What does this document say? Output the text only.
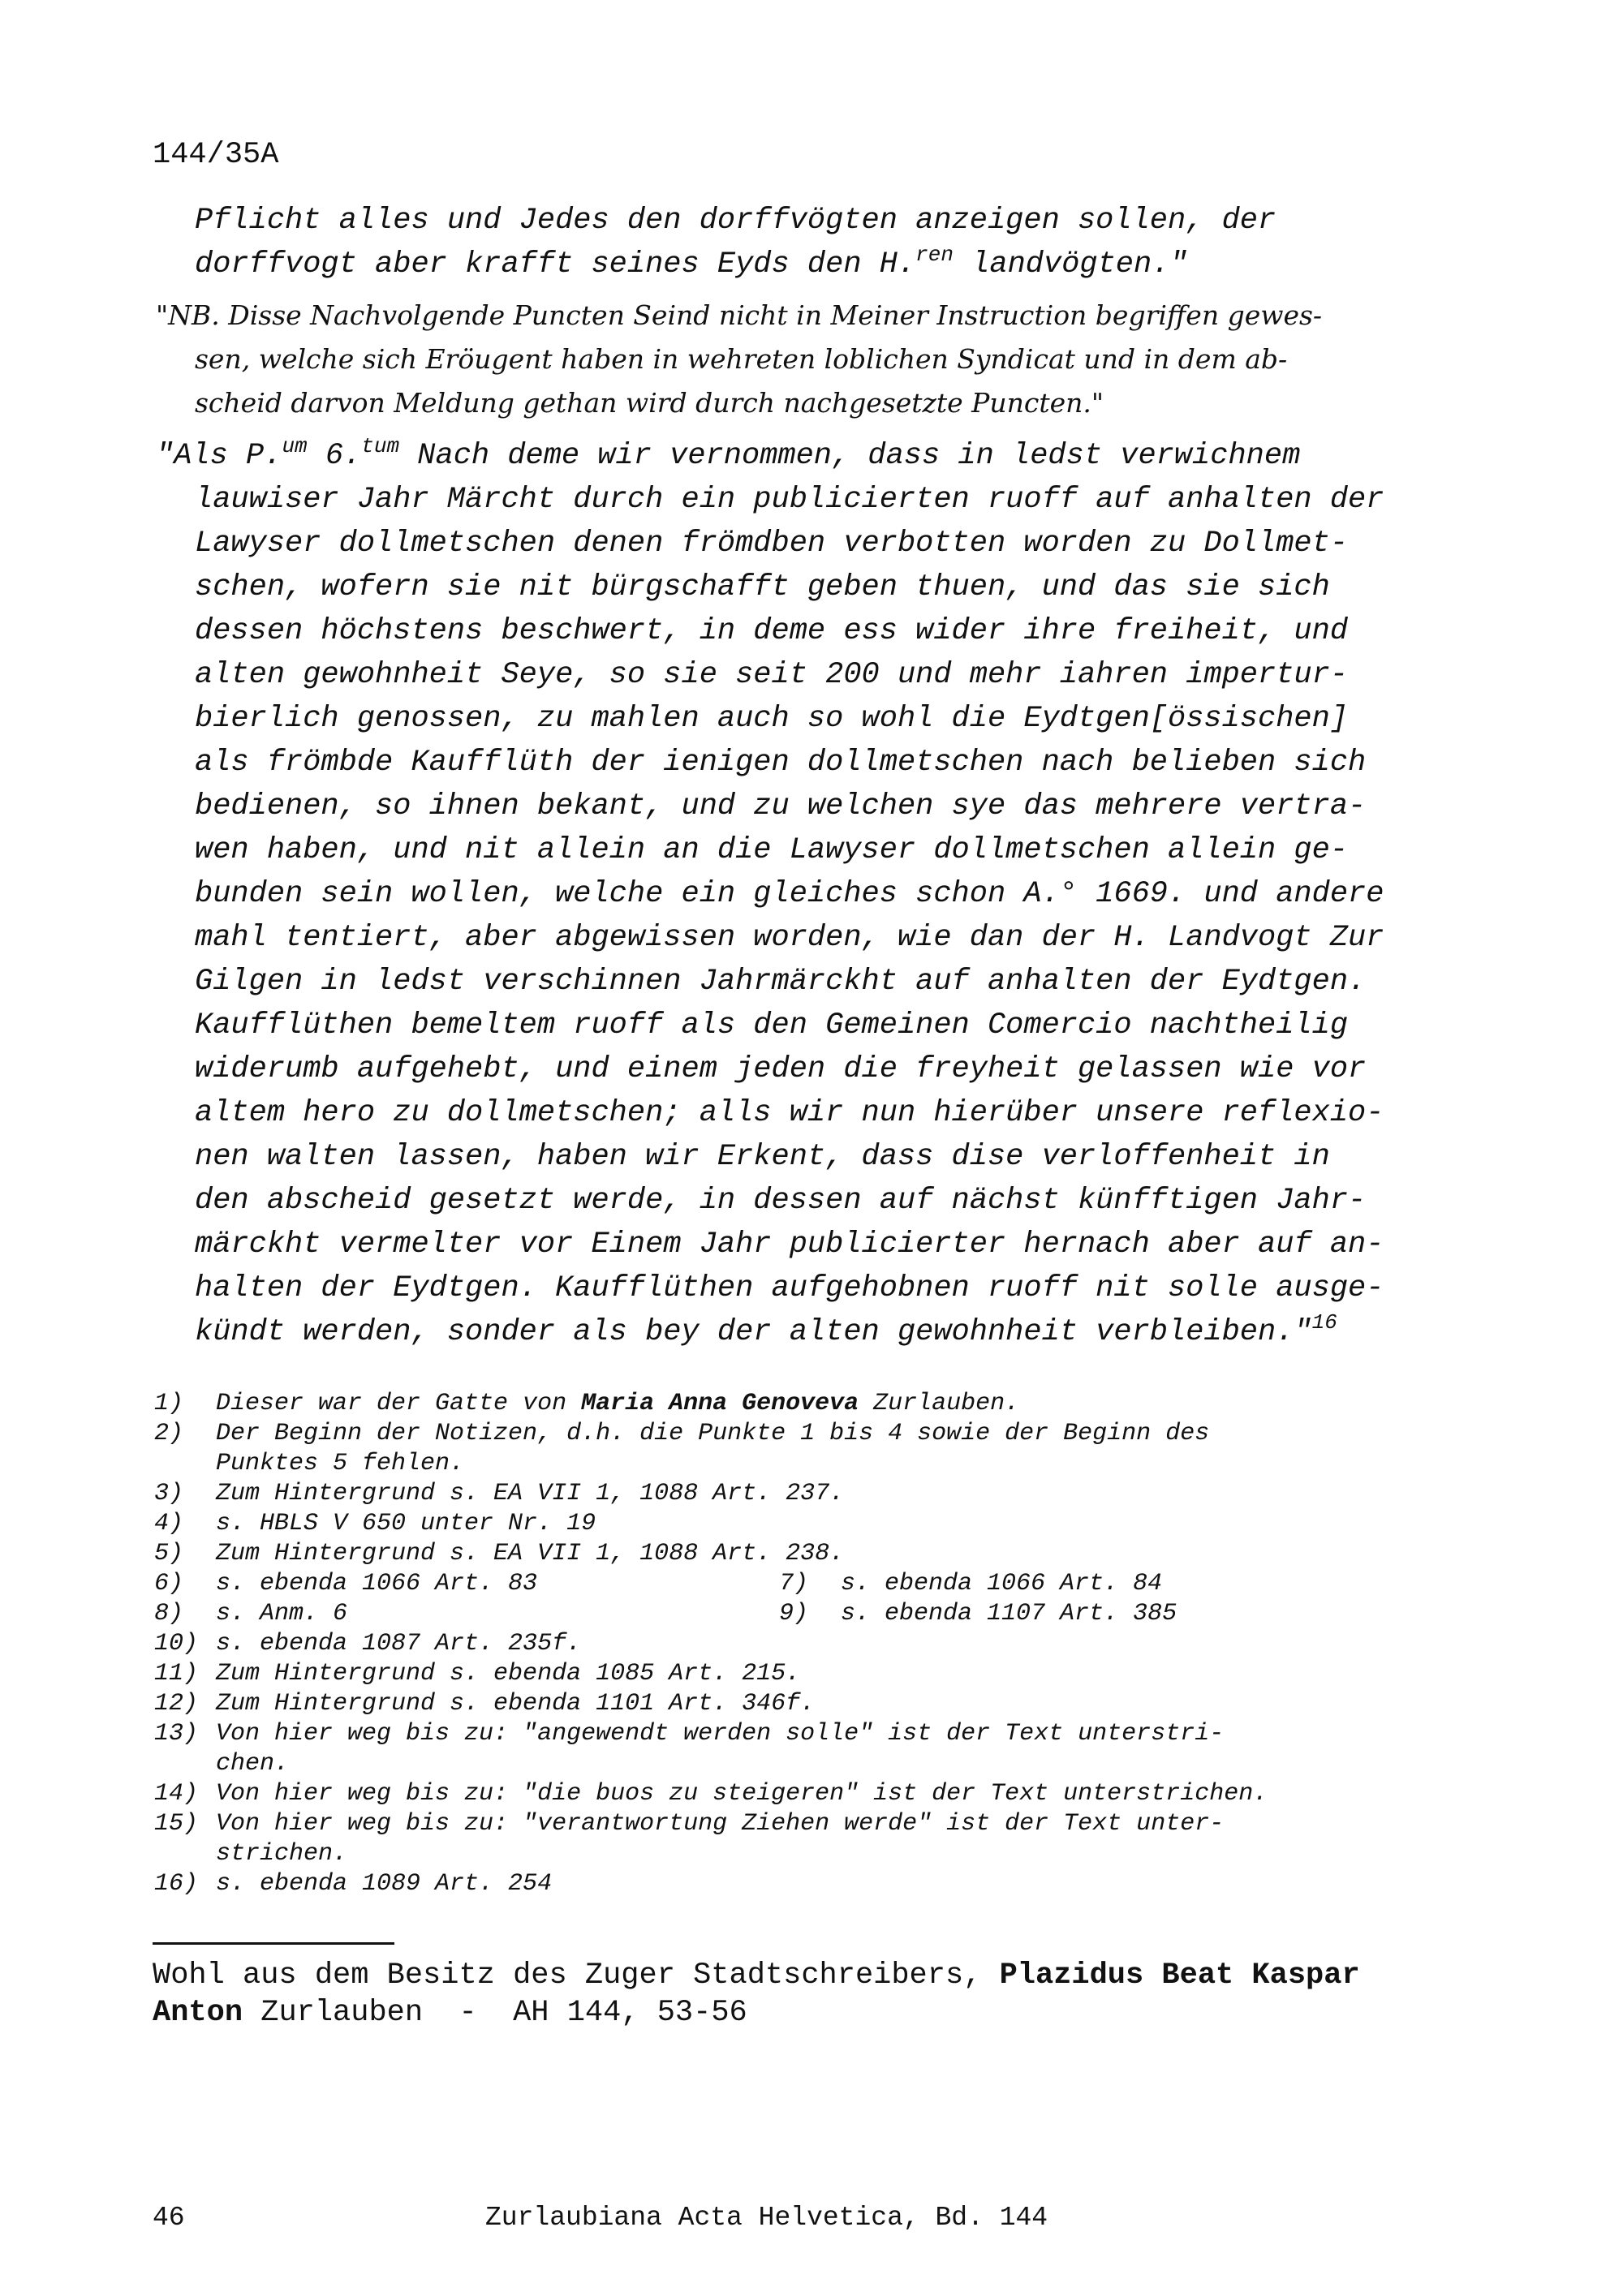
144/35A
Pflicht alles und Jedes den dorffvögten anzeigen sollen, der
dorffvogt aber krafft seines Eyds den H.$^{ren}$ landvögten."
"NB. Disse Nachvolgende Puncten Seind nicht in Meiner Instruction begriffen gewes-
sen, welche sich Eröugent haben in wehreten loblichen Syndicat und in dem ab-
scheid darvon Meldung gethan wird durch nachgesetzte Puncten."
"Als P.$^{um}$ 6.$^{tum}$ Nach deme wir vernommen, dass in ledst verwichnem
lauwiser Jahr Märcht durch ein publicierten ruoff auf anhalten der
Lawyser dollmetschen denen frömdben verbotten worden zu Dollmet-
schen, wofern sie nit bürgschafft geben thuen, und das sie sich
dessen höchstens beschwert, in deme ess wider ihre freiheit, und
alten gewohnheit Seye, so sie seit 200 und mehr iahren impertur-
bierlich genossen, zu mahlen auch so wohl die Eydtgen[össischen]
als frömbde Kaufflüth der ienigen dollmetschen nach belieben sich
bedienen, so ihnen bekant, und zu welchen sye das mehrere vertra-
wen haben, und nit allein an die Lawyser dollmetschen allein ge-
bunden sein wollen, welche ein gleiches schon A.° 1669. und andere
mahl tentiert, aber abgewissen worden, wie dan der H. Landvogt Zur
Gilgen in ledst verschinnen Jahrmärckht auf anhalten der Eydtgen.
Kaufflüthen bemeltem ruoff als den Gemeinen Comercio nachtheilig
widerumb aufgehebt, und einem jeden die freyheit gelassen wie vor
altem hero zu dollmetschen; alls wir nun hierüber unsere reflexio-
nen walten lassen, haben wir Erkent, dass dise verloffenheit in
den abscheid gesetzt werde, in dessen auf nächst künfftigen Jahr-
märckht vermelter vor Einem Jahr publicierter hernach aber auf an-
halten der Eydtgen. Kaufflüthen aufgehobnen ruoff nit solle ausge-
kündt werden, sonder als bey der alten gewohnheit verbleiben."$^{16}$
1) Dieser war der Gatte von Maria Anna Genoveva Zurlauben.
2) Der Beginn der Notizen, d.h. die Punkte 1 bis 4 sowie der Beginn des
Punktes 5 fehlen.
3) Zum Hintergrund s. EA VII 1, 1088 Art. 237.
4) s. HBLS V 650 unter Nr. 19
5) Zum Hintergrund s. EA VII 1, 1088 Art. 238.
6) s. ebenda 1066 Art. 83	7) s. ebenda 1066 Art. 84
8) s. Anm. 6	9) s. ebenda 1107 Art. 385
10) s. ebenda 1087 Art. 235f.
11) Zum Hintergrund s. ebenda 1085 Art. 215.
12) Zum Hintergrund s. ebenda 1101 Art. 346f.
13) Von hier weg bis zu: "angewendt werden solle" ist der Text unterstri-
chen.
14) Von hier weg bis zu: "die buos zu steigeren" ist der Text unterstrichen.
15) Von hier weg bis zu: "verantwortung Ziehen werde" ist der Text unter-
strichen.
16) s. ebenda 1089 Art. 254
Wohl aus dem Besitz des Zuger Stadtschreibers, Plazidus Beat Kaspar
Anton Zurlauben  -  AH 144, 53-56
46	Zurlaubiana Acta Helvetica, Bd. 144
